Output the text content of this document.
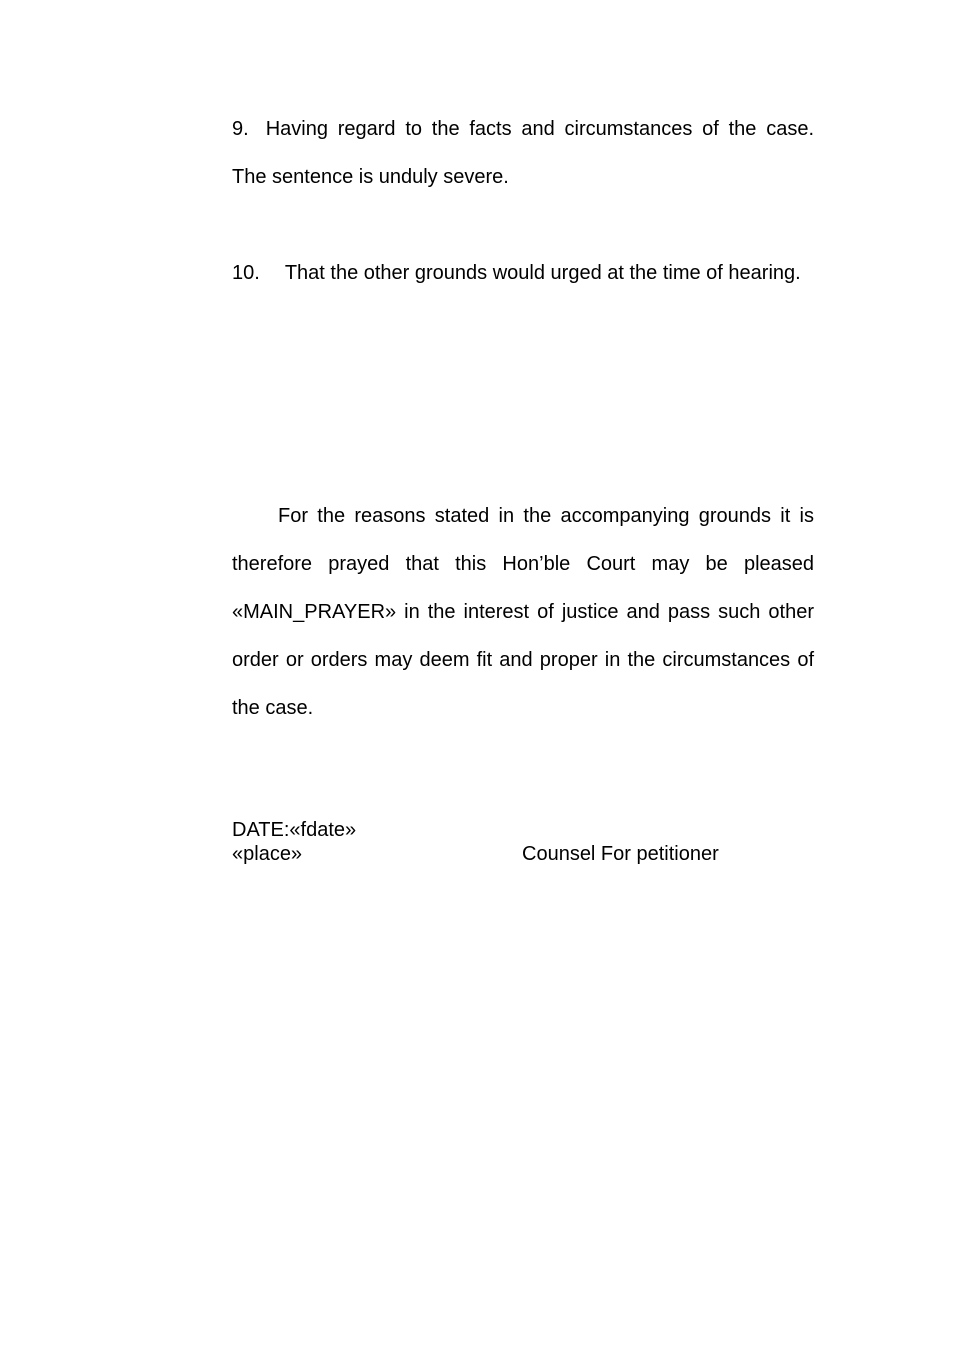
9. Having regard to the facts and circumstances of the case. The sentence is unduly severe.

10. That the other grounds would urged at the time of hearing.

For the reasons stated in the accompanying grounds it is therefore prayed that this Hon’ble Court may be pleased «MAIN_PRAYER» in the interest of justice and pass such other order or orders may deem fit and proper in the circumstances of the case.

DATE:«fdate»

«place»	Counsel For petitioner
